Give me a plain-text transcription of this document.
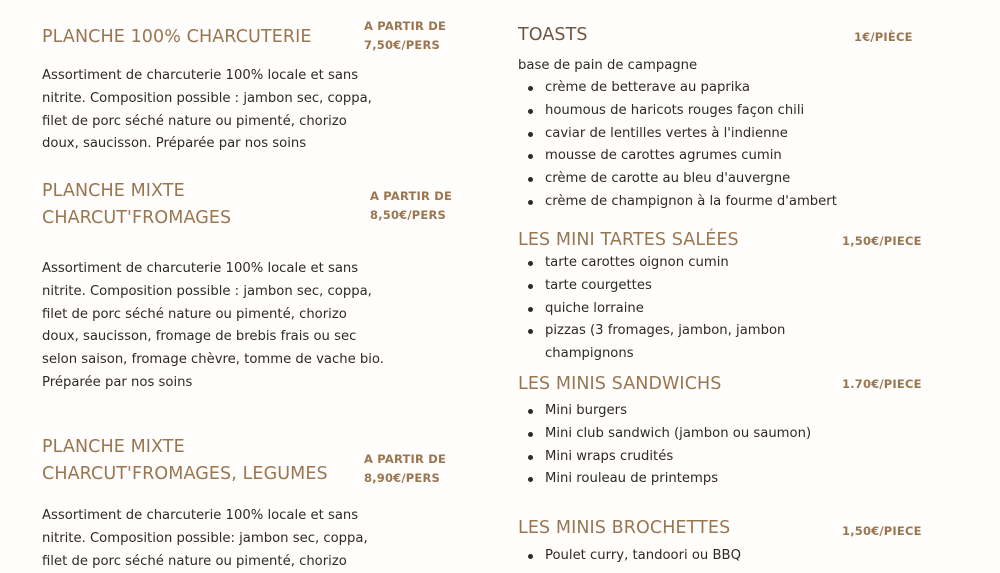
PLANCHE 100% CHARCUTERIE
A PARTIR DE
7,50€/PERS
Assortiment de charcuterie 100% locale et sans
nitrite. Composition possible : jambon sec, coppa,
filet de porc séché nature ou pimenté, chorizo
doux, saucisson. Préparée par nos soins
PLANCHE MIXTE
CHARCUT'FROMAGES
A PARTIR DE
8,50€/PERS
Assortiment de charcuterie 100% locale et sans
nitrite. Composition possible : jambon sec, coppa,
filet de porc séché nature ou pimenté, chorizo
doux, saucisson, fromage de brebis frais ou sec
selon saison, fromage chèvre, tomme de vache bio.
Préparée par nos soins
PLANCHE MIXTE
CHARCUT'FROMAGES, LEGUMES
A PARTIR DE
8,90€/PERS
Assortiment de charcuterie 100% locale et sans
nitrite. Composition possible: jambon sec, coppa,
filet de porc séché nature ou pimenté, chorizo
TOASTS	1€/PIÈCE
base de pain de campagne
crème de betterave au paprika
houmous de haricots rouges façon chili
caviar de lentilles vertes à l'indienne
mousse de carottes agrumes cumin
crème de carotte au bleu d'auvergne
crème de champignon à la fourme d'ambert
LES MINI TARTES SALÉES	1,50€/PIECE
tarte carottes oignon cumin
tarte courgettes
quiche lorraine
pizzas (3 fromages, jambon, jambon
champignons
LES MINIS SANDWICHS	1.70€/PIECE
Mini burgers
Mini club sandwich (jambon ou saumon)
Mini wraps crudités
Mini rouleau de printemps
LES MINIS BROCHETTES	1,50€/PIECE
Poulet curry, tandoori ou BBQ
